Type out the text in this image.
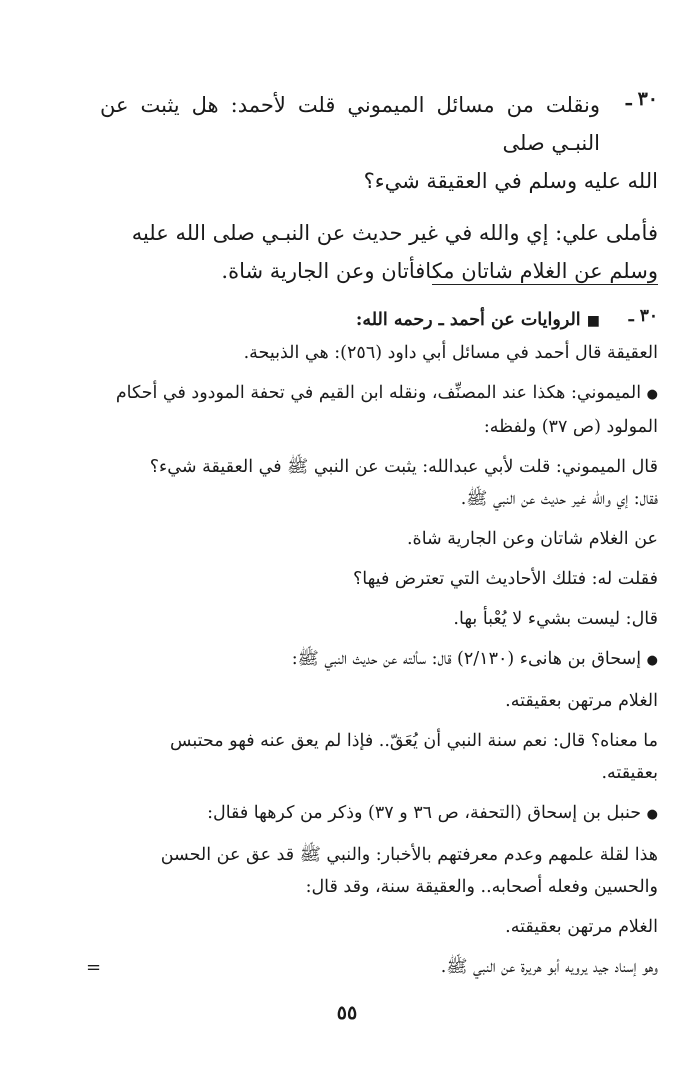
٣٠ـ

ونقلت من مسائل الميموني قلت لأحمد: هل يثبت عن النبـي صلى

الله عليه وسلم في العقيقة شيء؟

فأملى علي: إي والله في غير حديث عن النبـي صلى الله عليه

وسلم عن الغلام شاتان مكافأتان وعن الجارية شاة.

٣٠ـ

■ الروايات عن أحمد ـ رحمه الله:

العقيقة قال أحمد في مسائل أبي داود (٢٥٦): هي الذبيحة.

● الميموني: هكذا عند المصنِّف، ونقله ابن القيم في تحفة المودود في أحكام

المولود (ص ٣٧) ولفظه:

قال الميموني: قلت لأبي عبدالله: يثبت عن النبي ﷺ في العقيقة شيء؟

فقال: إي والله غير حديث عن النبي ﷺ.

عن الغلام شاتان وعن الجارية شاة.

فقلت له: فتلك الأحاديث التي تعترض فيها؟

قال: ليست بشيء لا يُعْبأ بها.

● إسحاق بن هانىء (٢/١٣٠) قال: سألته عن حديث النبي ﷺ:

الغلام مرتهن بعقيقته.

ما معناه؟ قال: نعم سنة النبي أن يُعَقّ.. فإذا لم يعق عنه فهو محتبس

بعقيقته.

● حنبل بن إسحاق (التحفة، ص ٣٦ و ٣٧) وذكر من كرهها فقال:

هذا لقلة علمهم وعدم معرفتهم بالأخبار: والنبي ﷺ قد عق عن الحسن

والحسين وفعله أصحابه.. والعقيقة سنة، وقد قال:

الغلام مرتهن بعقيقته.

وهو إسناد جيد يرويه أبو هريرة عن النبي ﷺ.

=
٥٥
